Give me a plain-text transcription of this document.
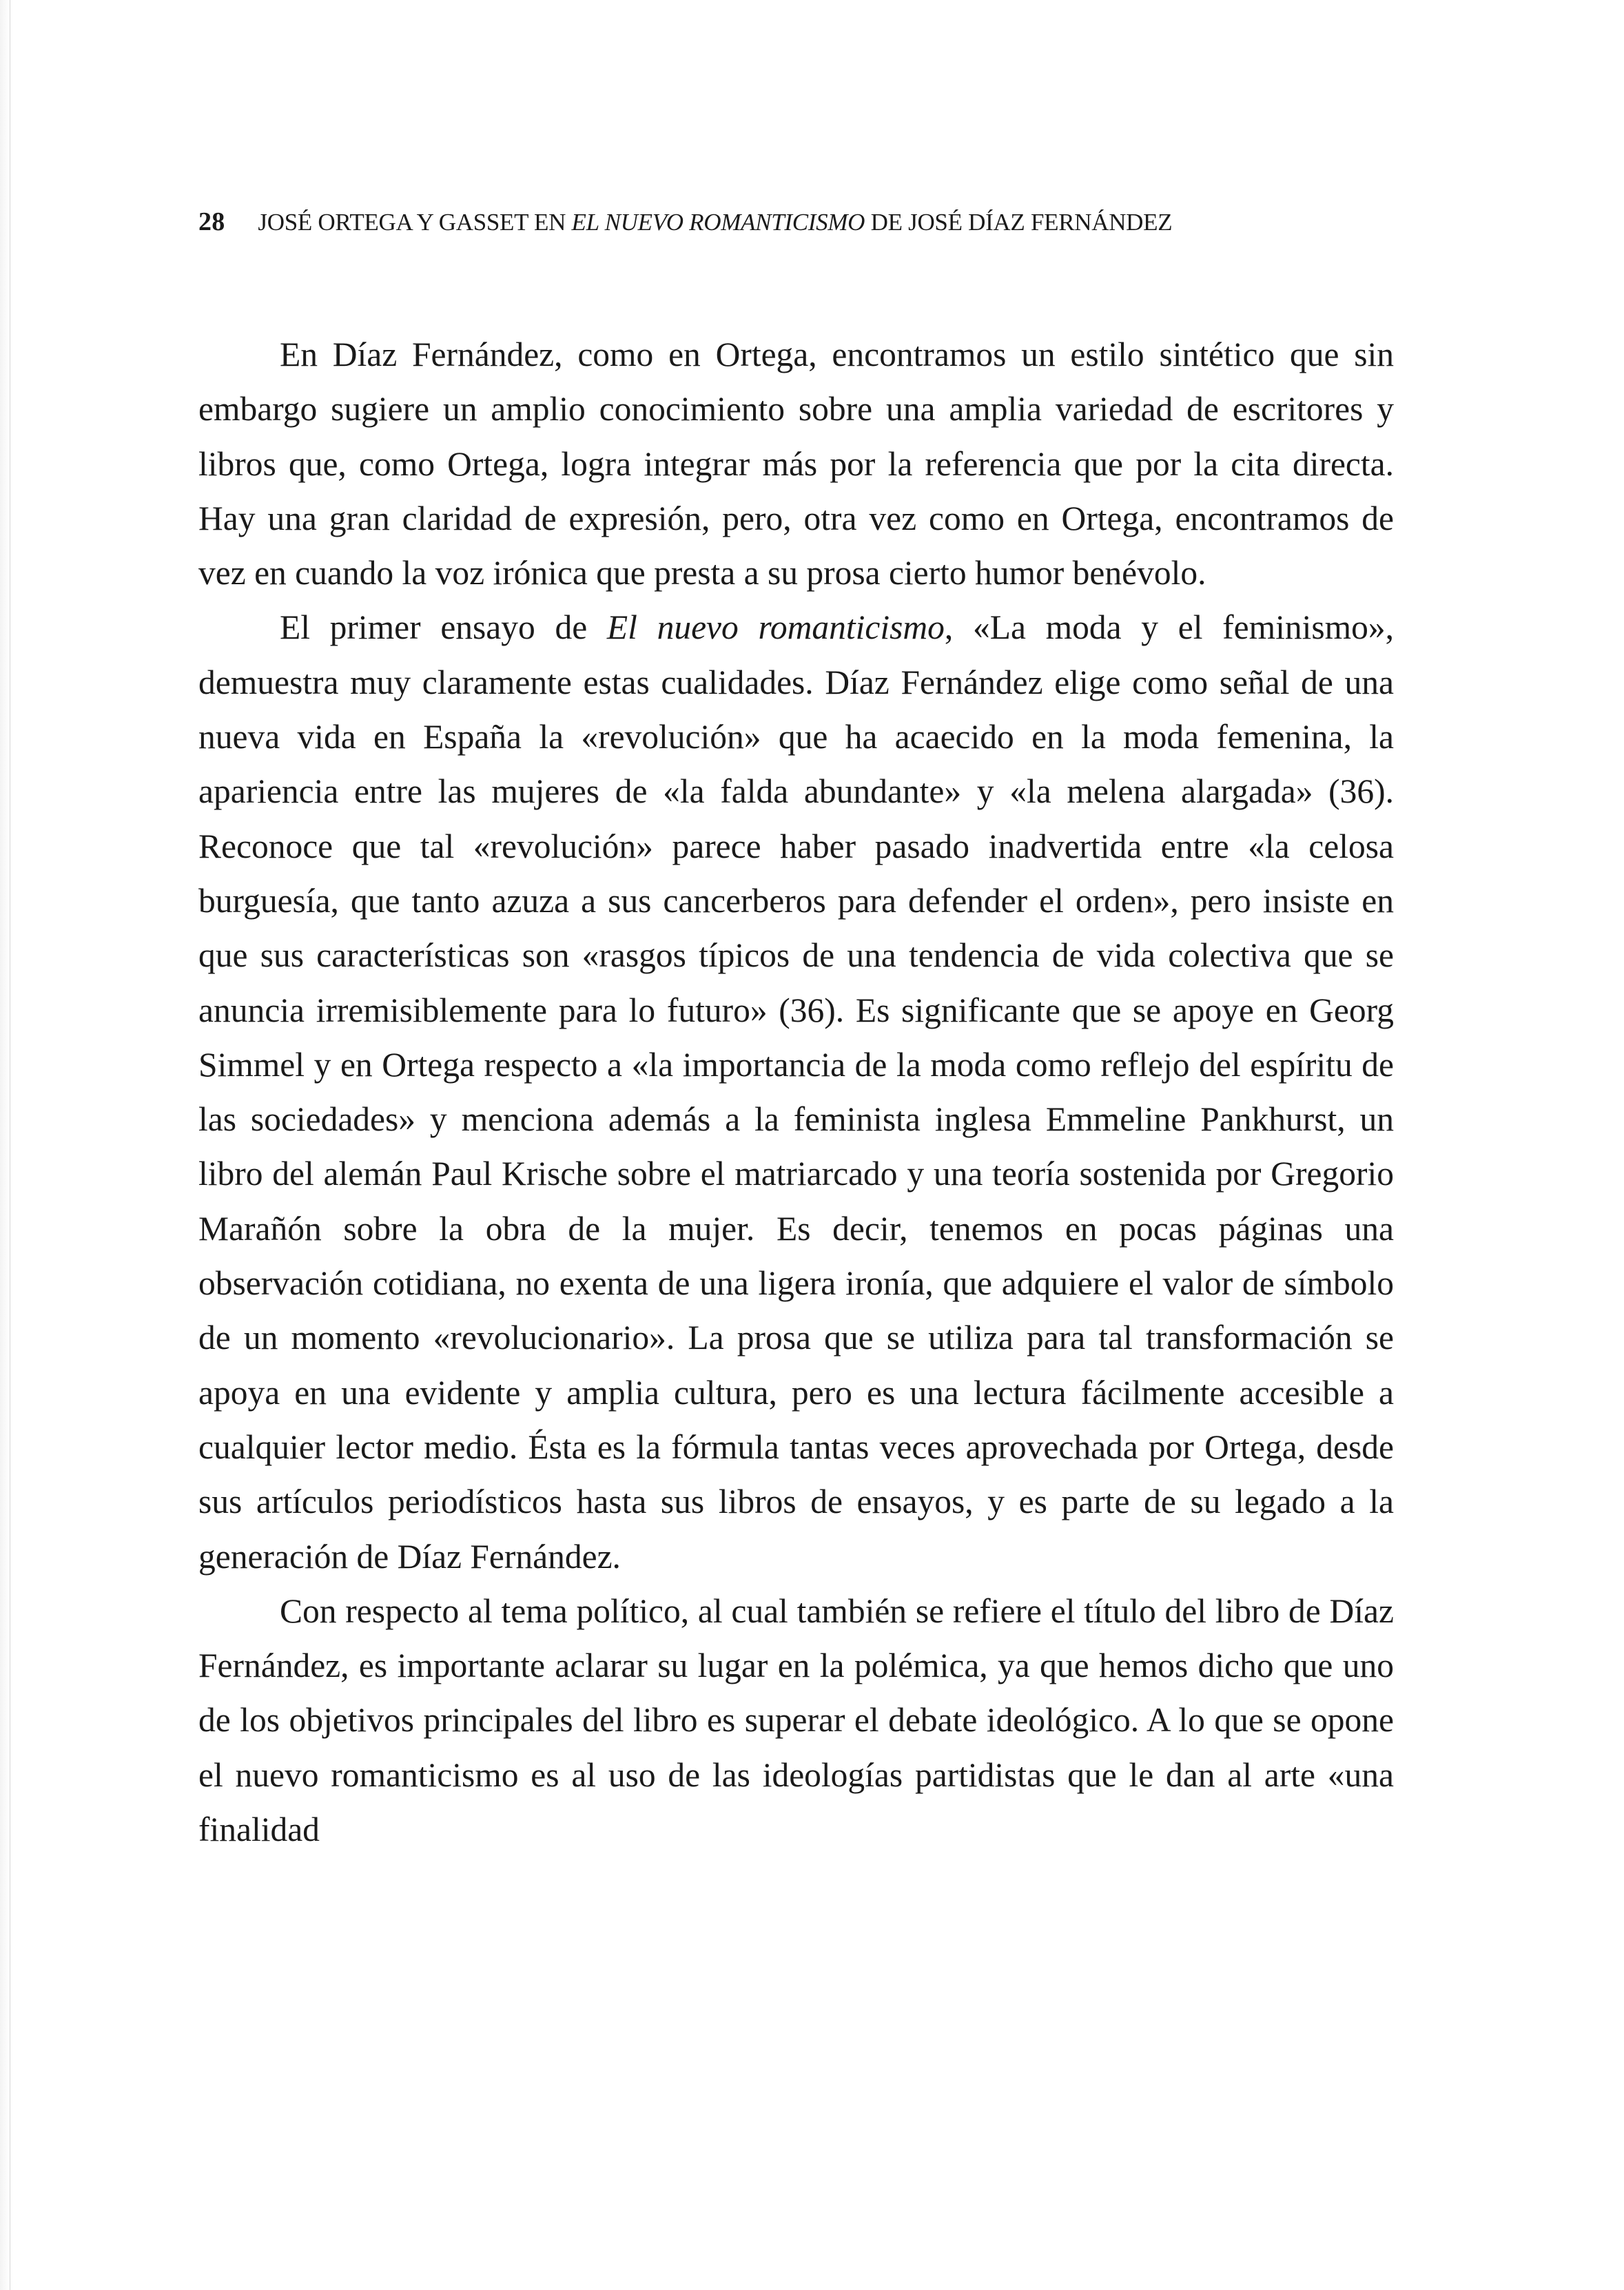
28 JOSÉ ORTEGA Y GASSET EN EL NUEVO ROMANTICISMO DE JOSÉ DÍAZ FERNÁNDEZ

En Díaz Fernández, como en Ortega, encontramos un estilo sintético que sin embargo sugiere un amplio conocimiento sobre una amplia variedad de escritores y libros que, como Ortega, logra integrar más por la referencia que por la cita directa. Hay una gran claridad de expresión, pero, otra vez como en Ortega, encontramos de vez en cuando la voz irónica que presta a su prosa cierto humor benévolo.

El primer ensayo de El nuevo romanticismo, «La moda y el feminismo», demuestra muy claramente estas cualidades. Díaz Fernández elige como señal de una nueva vida en España la «revolución» que ha acaecido en la moda femenina, la apariencia entre las mujeres de «la falda abundante» y «la melena alargada» (36). Reconoce que tal «revolución» parece haber pasado inadvertida entre «la celosa burguesía, que tanto azuza a sus cancerberos para defender el orden», pero insiste en que sus características son «rasgos típicos de una tendencia de vida colectiva que se anuncia irremisiblemente para lo futuro» (36). Es significante que se apoye en Georg Simmel y en Ortega respecto a «la importancia de la moda como reflejo del espíritu de las sociedades» y menciona además a la feminista inglesa Emmeline Pankhurst, un libro del alemán Paul Krische sobre el matriarcado y una teoría sostenida por Gregorio Marañón sobre la obra de la mujer. Es decir, tenemos en pocas páginas una observación cotidiana, no exenta de una ligera ironía, que adquiere el valor de símbolo de un momento «revolucionario». La prosa que se utiliza para tal transformación se apoya en una evidente y amplia cultura, pero es una lectura fácilmente accesible a cualquier lector medio. Ésta es la fórmula tantas veces aprovechada por Ortega, desde sus artículos periodísticos hasta sus libros de ensayos, y es parte de su legado a la generación de Díaz Fernández.

Con respecto al tema político, al cual también se refiere el título del libro de Díaz Fernández, es importante aclarar su lugar en la polémica, ya que hemos dicho que uno de los objetivos principales del libro es superar el debate ideológico. A lo que se opone el nuevo romanticismo es al uso de las ideologías partidistas que le dan al arte «una finalidad
